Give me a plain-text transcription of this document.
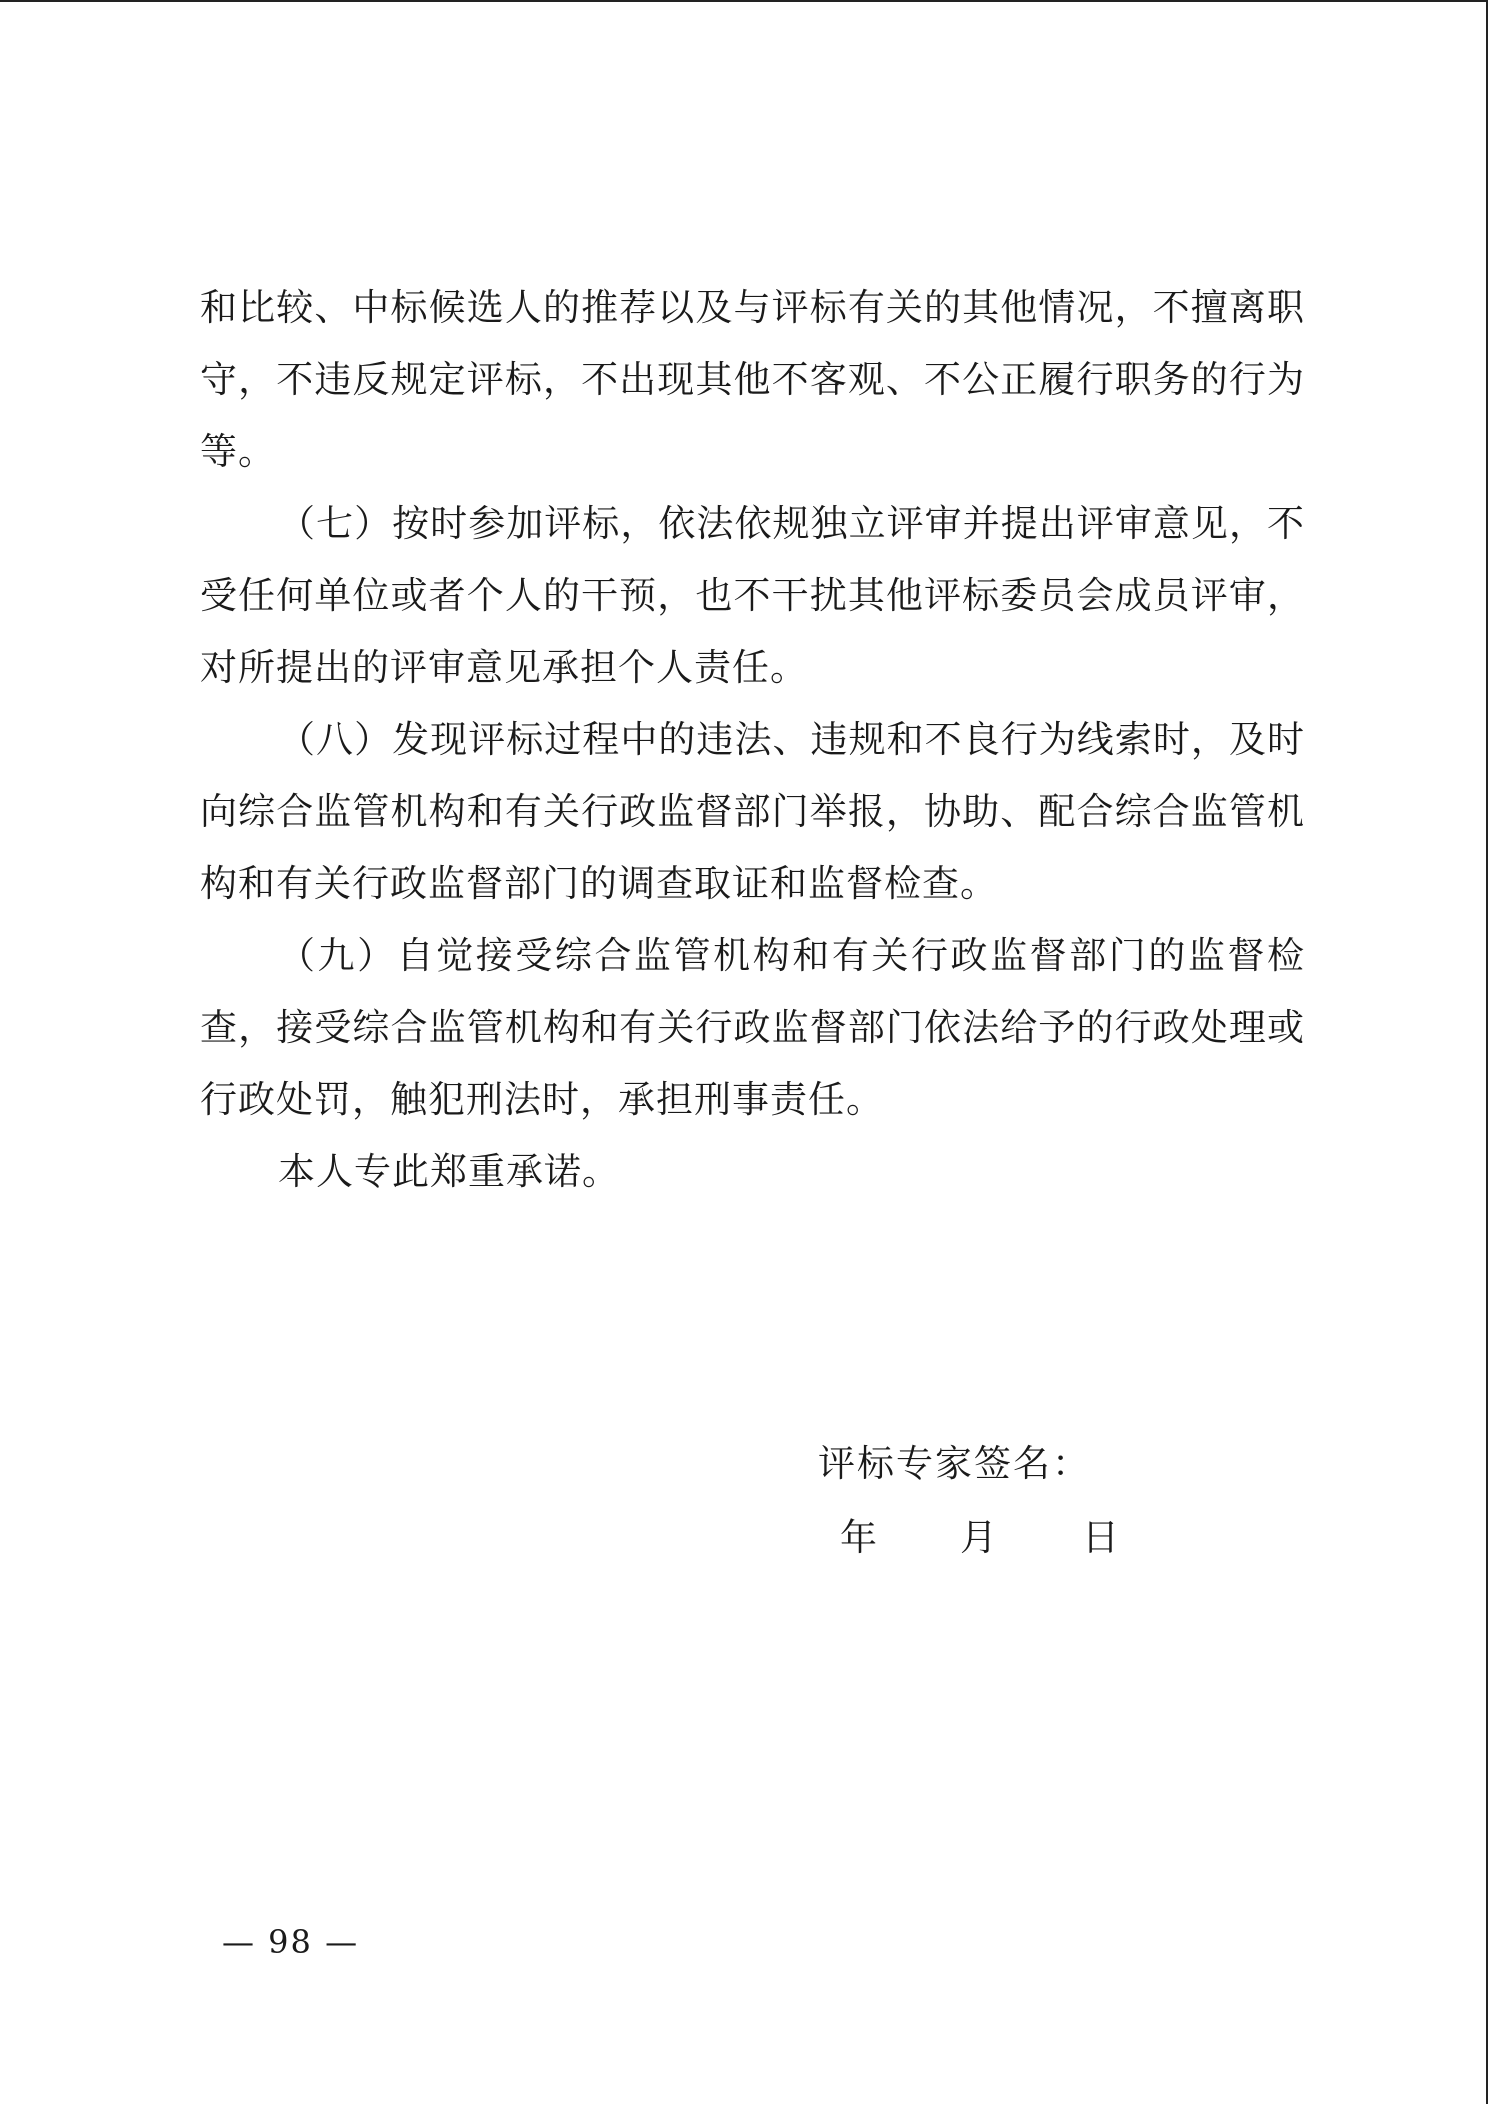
和比较、中标候选人的推荐以及与评标有关的其他情况，不擅离职守，不违反规定评标，不出现其他不客观、不公正履行职务的行为等。

（七）按时参加评标，依法依规独立评审并提出评审意见，不受任何单位或者个人的干预，也不干扰其他评标委员会成员评审，对所提出的评审意见承担个人责任。

（八）发现评标过程中的违法、违规和不良行为线索时，及时向综合监管机构和有关行政监督部门举报，协助、配合综合监管机构和有关行政监督部门的调查取证和监督检查。

（九）自觉接受综合监管机构和有关行政监督部门的监督检查，接受综合监管机构和有关行政监督部门依法给予的行政处理或行政处罚，触犯刑法时，承担刑事责任。

本人专此郑重承诺。

评标专家签名：
年 月 日
— 98 —
